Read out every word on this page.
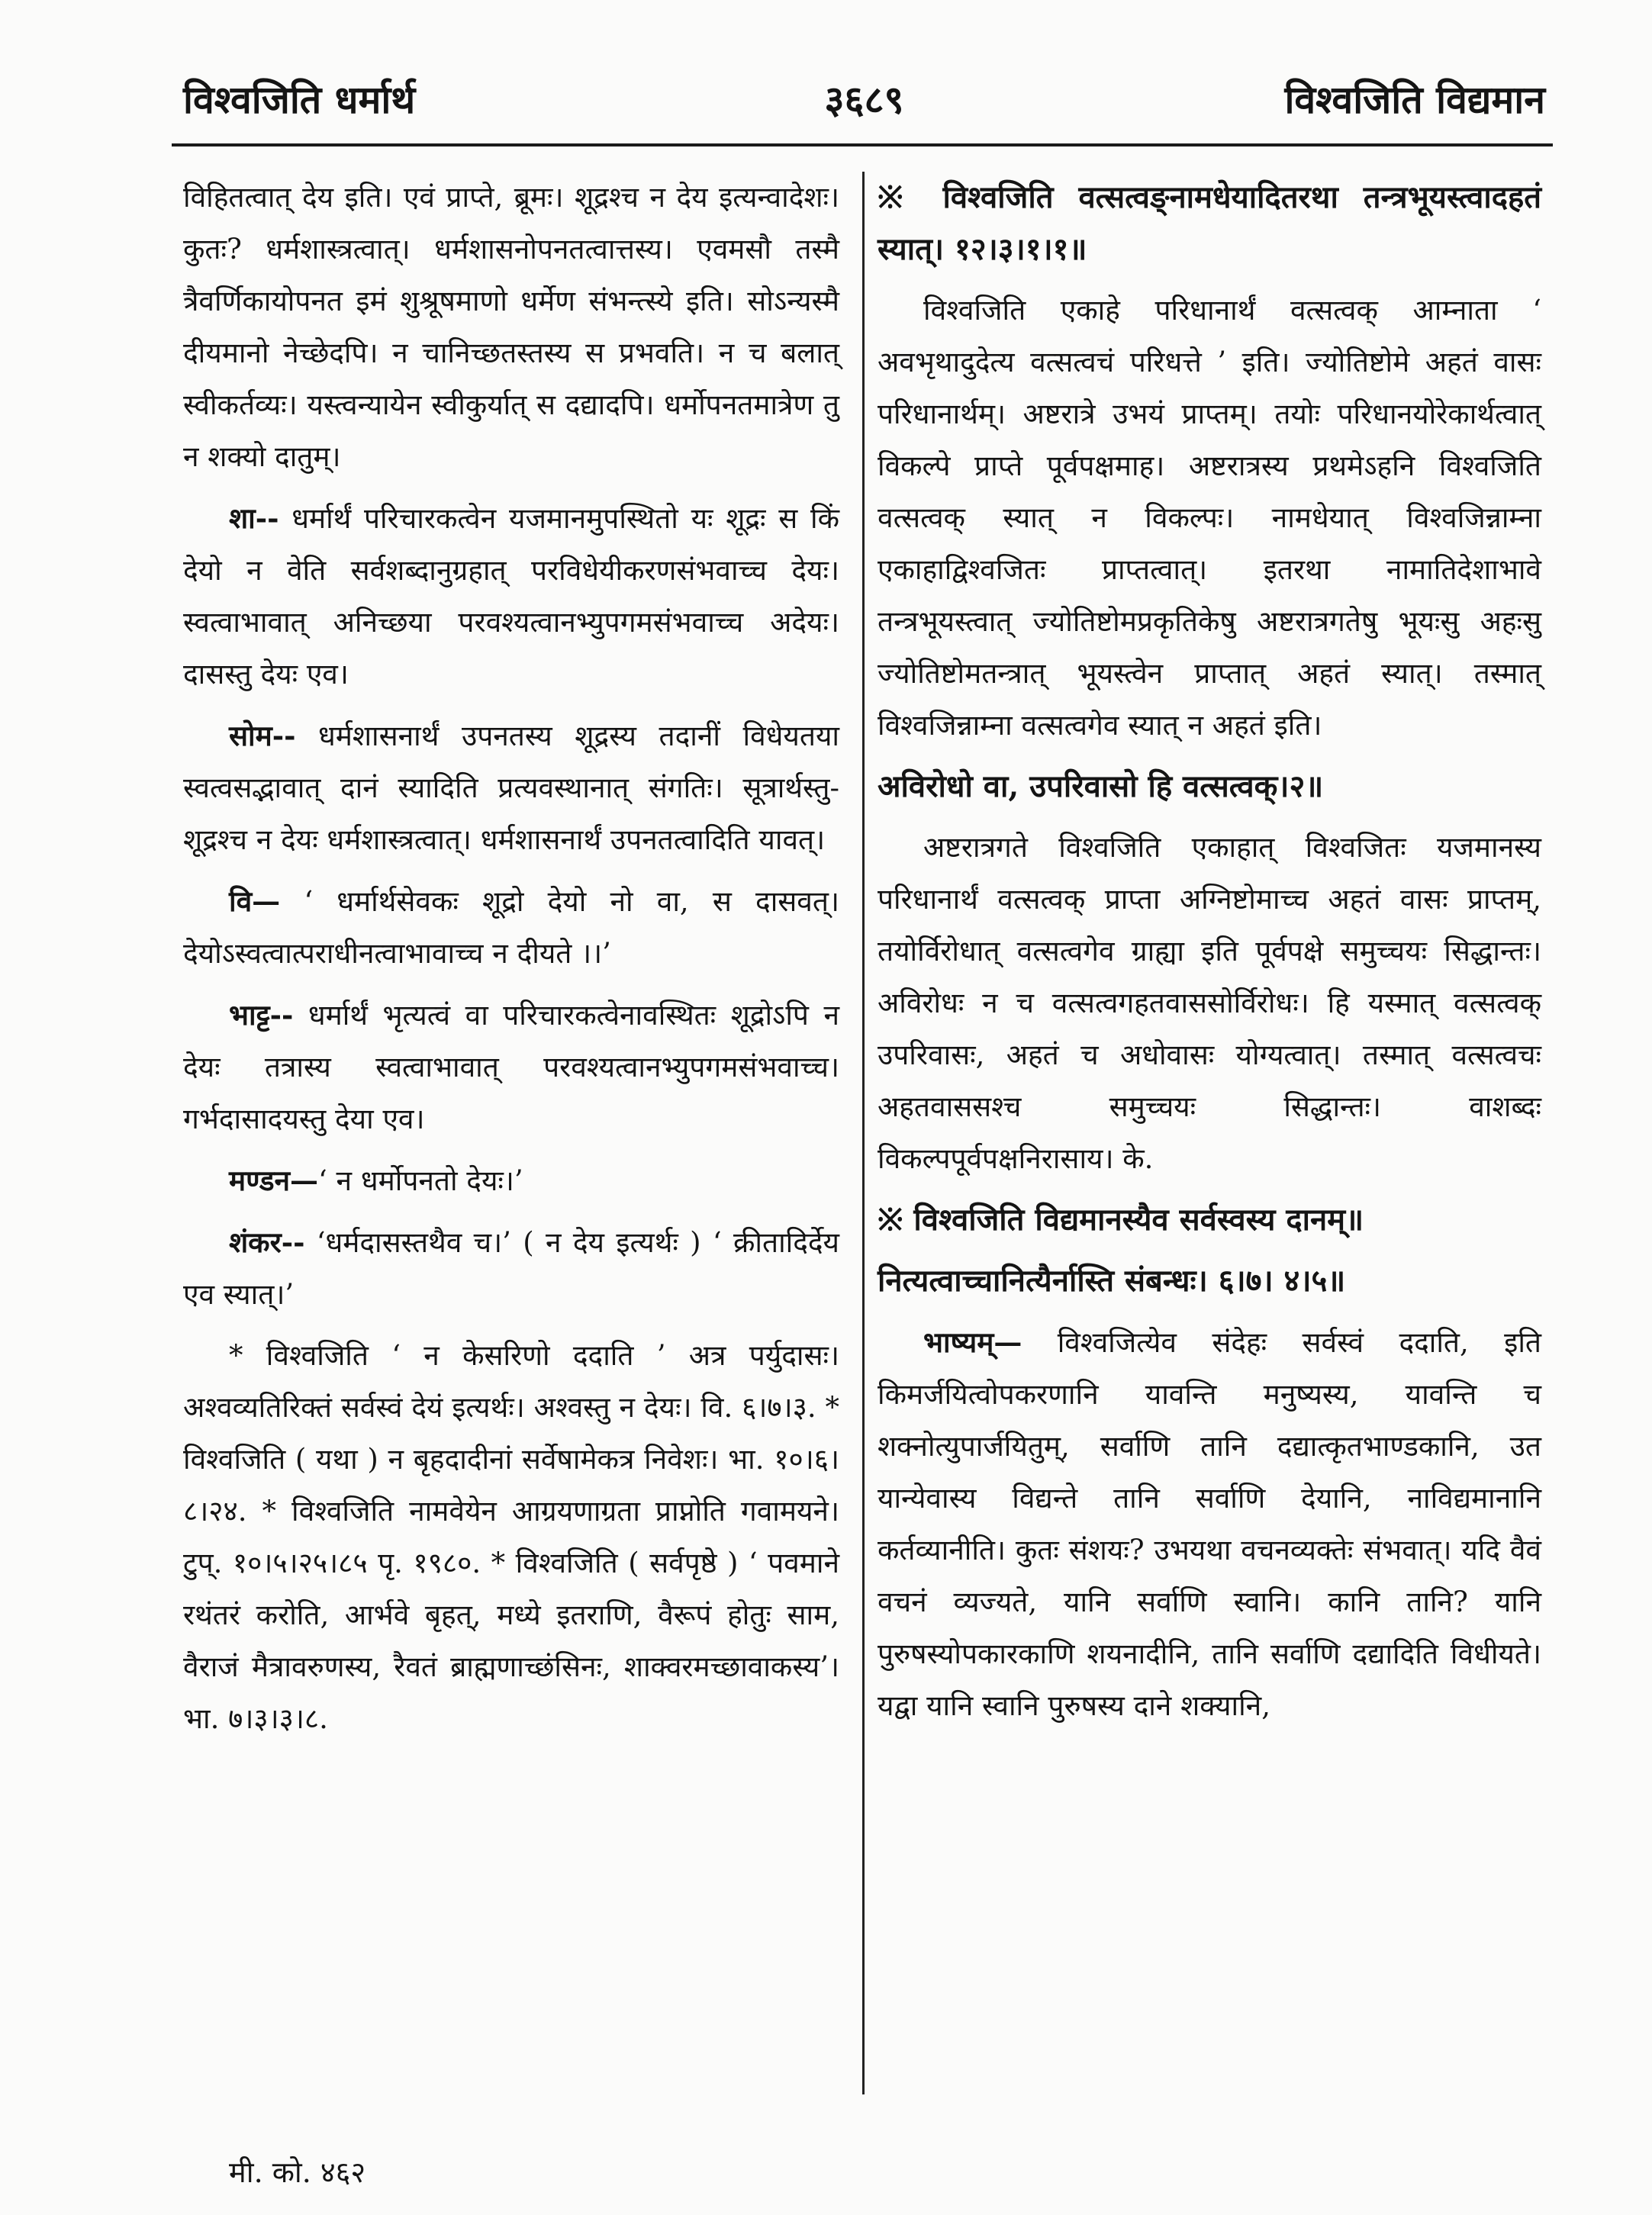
विश्वजिति धर्मार्थ	३६८९	विश्वजिति विद्यमान

विहितत्वात् देय इति। एवं प्राप्ते, ब्रूमः। शूद्रश्च न देय इत्यन्वादेशः। कुतः? धर्मशास्त्रत्वात्। धर्मशासनोपनतत्वात्तस्य। एवमसौ तस्मै त्रैवर्णिकायोपनत इमं शुश्रूषमाणो धर्मेण संभन्त्स्ये इति। सोऽन्यस्मै दीयमानो नेच्छेदपि। न चानिच्छतस्तस्य स प्रभवति। न च बलात् स्वीकर्तव्यः। यस्त्वन्यायेन स्वीकुर्यात् स दद्यादपि। धर्मोपनतमात्रेण तु न शक्यो दातुम्।

शा-- धर्मार्थं परिचारकत्वेन यजमानमुपस्थितो यः शूद्रः स किं देयो न वेति सर्वशब्दानुग्रहात् परविधेयीकरणसंभवाच्च देयः। स्वत्वाभावात् अनिच्छया परवश्यत्वानभ्युपगमसंभवाच्च अदेयः। दासस्तु देयः एव।

सोम-- धर्मशासनार्थं उपनतस्य शूद्रस्य तदानीं विधेयतया स्वत्वसद्भावात् दानं स्यादिति प्रत्यवस्थानात् संगतिः। सूत्रार्थस्तु- शूद्रश्च न देयः धर्मशास्त्रत्वात्। धर्मशासनार्थं उपनतत्वादिति यावत्।

वि— ‘ धर्मार्थसेवकः शूद्रो देयो नो वा, स दासवत्। देयोऽस्वत्वात्पराधीनत्वाभावाच्च न दीयते ।।’

भाट्ट-- धर्मार्थं भृत्यत्वं वा परिचारकत्वेनावस्थितः शूद्रोऽपि न देयः तत्रास्य स्वत्वाभावात् परवश्यत्वानभ्युपगमसंभवाच्च। गर्भदासादयस्तु देया एव।

मण्डन—‘ न धर्मोपनतो देयः।’

शंकर-- ‘धर्मदासस्तथैव च।’ ( न देय इत्यर्थः ) ‘ क्रीतादिर्देय एव स्यात्।’

* विश्वजिति ‘ न केसरिणो ददाति ’ अत्र पर्युदासः। अश्वव्यतिरिक्तं सर्वस्वं देयं इत्यर्थः। अश्वस्तु न देयः। वि. ६।७।३. * विश्वजिति ( यथा ) न बृहदादीनां सर्वेषामेकत्र निवेशः। भा. १०।६।८।२४. * विश्वजिति नामवेयेन आग्रयणाग्रता प्राप्नोति गवामयने। टुप्. १०।५।२५।८५ पृ. १९८०. * विश्वजिति ( सर्वपृष्ठे ) ‘ पवमाने रथंतरं करोति, आर्भवे बृहत्, मध्ये इतराणि, वैरूपं होतुः साम, वैराजं मैत्रावरुणस्य, रैवतं ब्राह्मणाच्छंसिनः, शाक्वरमच्छावाकस्य’। भा. ७।३।३।८.

※ विश्वजिति वत्सत्वङ्नामधेयादितरथा तन्त्रभूयस्त्वादहतं स्यात्। १२।३।१।१॥

विश्वजिति एकाहे परिधानार्थं वत्सत्वक् आम्नाता ‘ अवभृथादुदेत्य वत्सत्वचं परिधत्ते ’ इति। ज्योतिष्टोमे अहतं वासः परिधानार्थम्। अष्टरात्रे उभयं प्राप्तम्। तयोः परिधानयोरेकार्थत्वात् विकल्पे प्राप्ते पूर्वपक्षमाह। अष्टरात्रस्य प्रथमेऽहनि विश्वजिति वत्सत्वक् स्यात् न विकल्पः। नामधेयात् विश्वजिन्नाम्ना एकाहाद्विश्वजितः प्राप्तत्वात्। इतरथा नामातिदेशाभावे तन्त्रभूयस्त्वात् ज्योतिष्टोमप्रकृतिकेषु अष्टरात्रगतेषु भूयःसु अहःसु ज्योतिष्टोमतन्त्रात् भूयस्त्वेन प्राप्तात् अहतं स्यात्। तस्मात् विश्वजिन्नाम्ना वत्सत्वगेव स्यात् न अहतं इति।

अविरोधो वा, उपरिवासो हि वत्सत्वक्।२॥

अष्टरात्रगते विश्वजिति एकाहात् विश्वजितः यजमानस्य परिधानार्थं वत्सत्वक् प्राप्ता अग्निष्टोमाच्च अहतं वासः प्राप्तम्, तयोर्विरोधात् वत्सत्वगेव ग्राह्या इति पूर्वपक्षे समुच्चयः सिद्धान्तः। अविरोधः न च वत्सत्वगहतवाससोर्विरोधः। हि यस्मात् वत्सत्वक् उपरिवासः, अहतं च अधोवासः योग्यत्वात्। तस्मात् वत्सत्वचः अहतवाससश्च समुच्चयः सिद्धान्तः। वाशब्दः विकल्पपूर्वपक्षनिरासाय। के.

※ विश्वजिति विद्यमानस्यैव सर्वस्वस्य दानम्॥

नित्यत्वाच्चानित्यैर्नास्ति संबन्धः। ६।७। ४।५॥

भाष्यम्— विश्वजित्येव संदेहः सर्वस्वं ददाति, इति किमर्जयित्वोपकरणानि यावन्ति मनुष्यस्य, यावन्ति च शक्नोत्युपार्जयितुम्, सर्वाणि तानि दद्यात्कृतभाण्डकानि, उत यान्येवास्य विद्यन्ते तानि सर्वाणि देयानि, नाविद्यमानानि कर्तव्यानीति। कुतः संशयः? उभयथा वचनव्यक्तेः संभवात्। यदि वैवं वचनं व्यज्यते, यानि सर्वाणि स्वानि। कानि तानि? यानि पुरुषस्योपकारकाणि शयनादीनि, तानि सर्वाणि दद्यादिति विधीयते। यद्वा यानि स्वानि पुरुषस्य दाने शक्यानि,

मी. को. ४६२
